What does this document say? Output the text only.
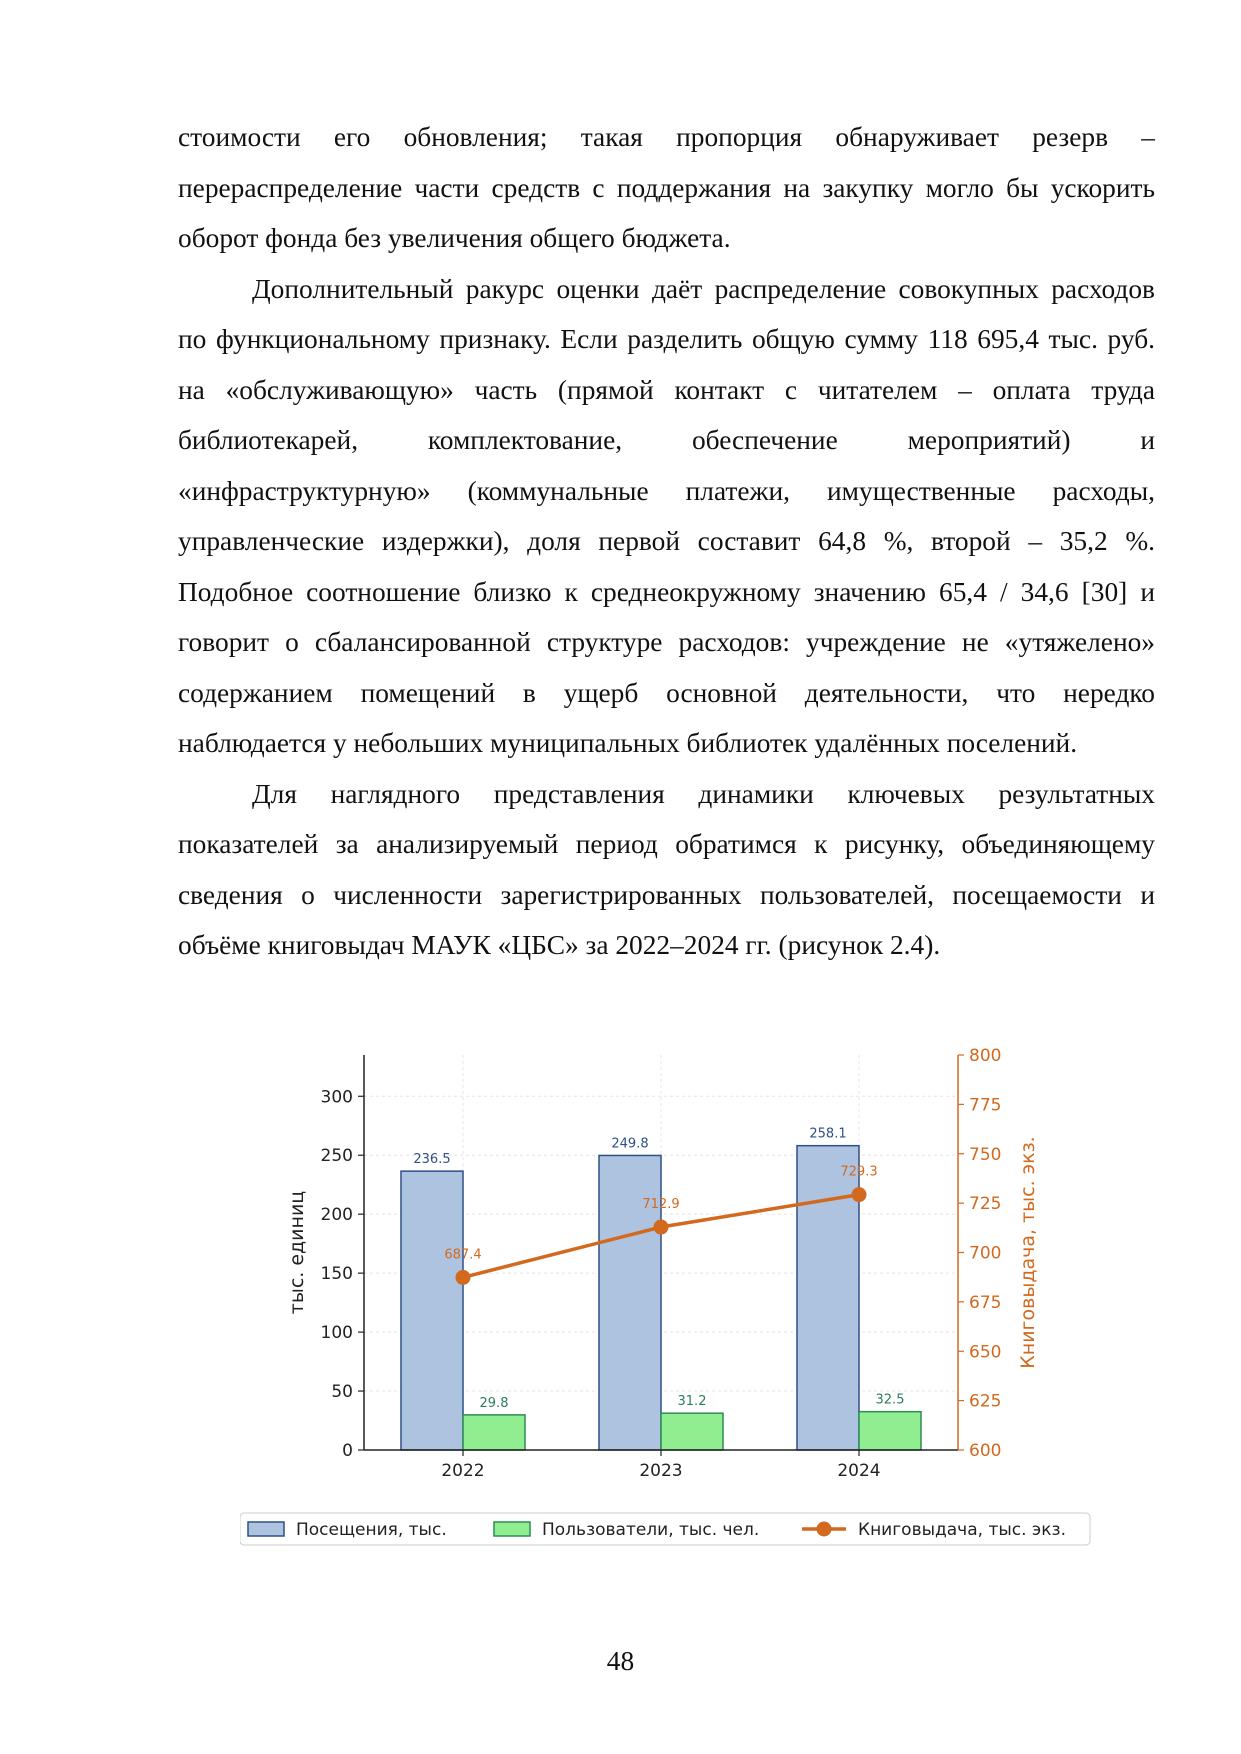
стоимости его обновления; такая пропорция обнаруживает резерв – перераспределение части средств с поддержания на закупку могло бы ускорить оборот фонда без увеличения общего бюджета.

Дополнительный ракурс оценки даёт распределение совокупных расходов по функциональному признаку. Если разделить общую сумму 118 695,4 тыс. руб. на «обслуживающую» часть (прямой контакт с читателем – оплата труда библиотекарей, комплектование, обеспечение мероприятий) и «инфраструктурную» (коммунальные платежи, имущественные расходы, управленческие издержки), доля первой составит 64,8 %, второй – 35,2 %. Подобное соотношение близко к среднеокружному значению 65,4 / 34,6 [30] и говорит о сбалансированной структуре расходов: учреждение не «утяжелено» содержанием помещений в ущерб основной деятельности, что нередко наблюдается у небольших муниципальных библиотек удалённых поселений.

Для наглядного представления динамики ключевых результатных показателей за анализируемый период обратимся к рисунку, объединяющему сведения о численности зарегистрированных пользователей, посещаемости и объёме книговыдач МАУК «ЦБС» за 2022–2024 гг. (рисунок 2.4).

236.5
249.8
258.1
29.8	31.2	32.5
687.4
712.9
729.3
0
50
100
150
200
250
300
600
625
650
675
700
725
750
775
800
2022	2023	2024
тыс. единиц	Книговыдача, тыс. экз.
Посещения, тыс.	Пользователи, тыс. чел.	Книговыдача, тыс. экз.
48
